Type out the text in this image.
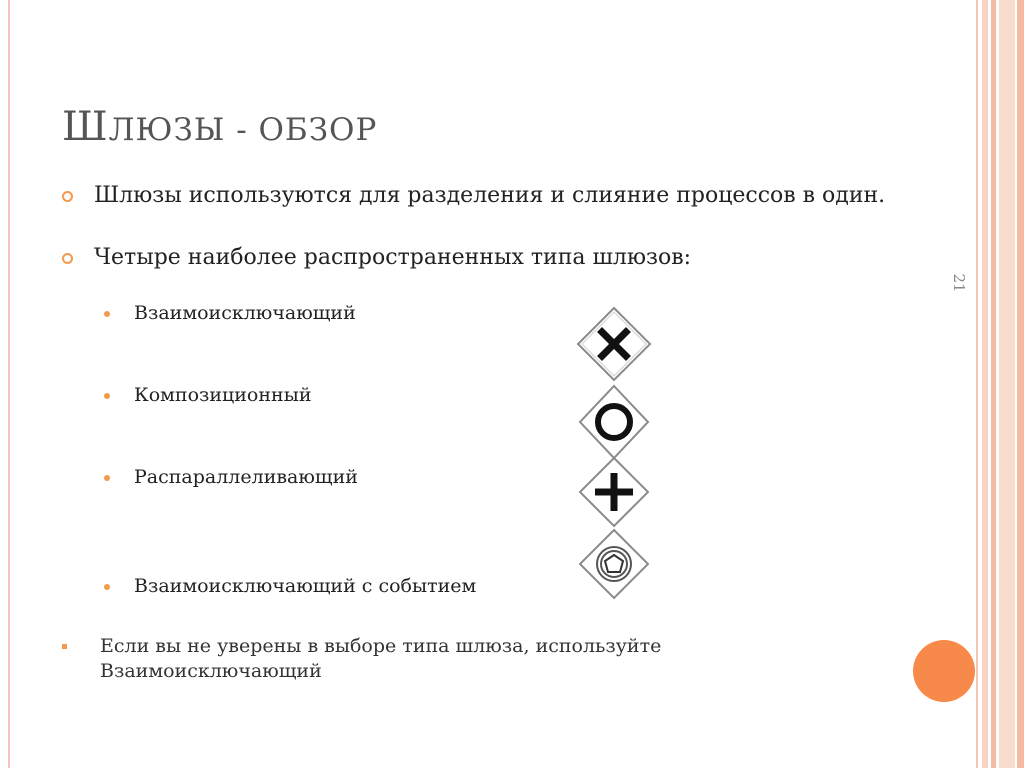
ШЛЮЗЫ - ОБЗОР
21
Шлюзы используются для разделения и слияние процессов в один.
Четыре наиболее распространенных типа шлюзов:
Взаимоисключающий
Композиционный
Распараллеливающий
Взаимоисключающий с событием
Если вы не уверены в выборе типа шлюза, используйте Взаимоисключающий
